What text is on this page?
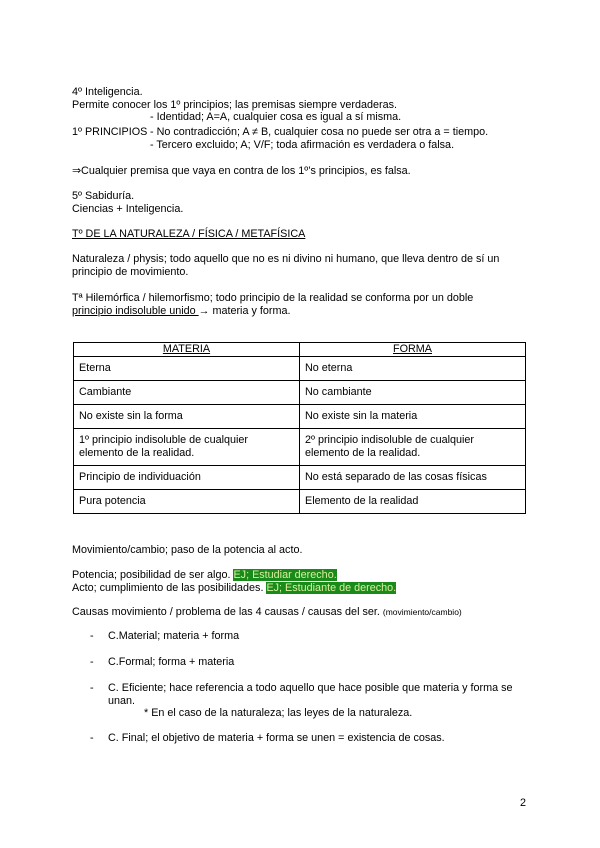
4º Inteligencia.
Permite conocer los 1º principios; las premisas siempre verdaderas.
- Identidad; A=A, cualquier cosa es igual a sí misma.
1º PRINCIPIOS - No contradicción; A ≠ B, cualquier cosa no puede ser otra a = tiempo.
- Tercero excluido; A; V/F; toda afirmación es verdadera o falsa.
⇒Cualquier premisa que vaya en contra de los 1º’s principios, es falsa.
5º Sabiduría.
Ciencias + Inteligencia.
Tº DE LA NATURALEZA / FÍSICA / METAFÍSICA
Naturaleza / physis; todo aquello que no es ni divino ni humano, que lleva dentro de sí un
principio de movimiento.
Tª Hilemórfica / hilemorfismo; todo principio de la realidad se conforma por un doble
principio indisoluble unido → materia y forma.
MATERIA	FORMA
Eterna	No eterna
Cambiante	No cambiante
No existe sin la forma	No existe sin la materia
1º principio indisoluble de cualquier elemento de la realidad.	2º principio indisoluble de cualquier elemento de la realidad.
Principio de individuación	No está separado de las cosas físicas
Pura potencia	Elemento de la realidad
Movimiento/cambio; paso de la potencia al acto.
Potencia; posibilidad de ser algo. EJ; Estudiar derecho.
Acto; cumplimiento de las posibilidades. EJ; Estudiante de derecho.
Causas movimiento / problema de las 4 causas / causas del ser. (movimiento/cambio)
- C.Material; materia + forma
- C.Formal; forma + materia
- C. Eficiente; hace referencia a todo aquello que hace posible que materia y forma se unan.
* En el caso de la naturaleza; las leyes de la naturaleza.
- C. Final; el objetivo de materia + forma se unen = existencia de cosas.
2
